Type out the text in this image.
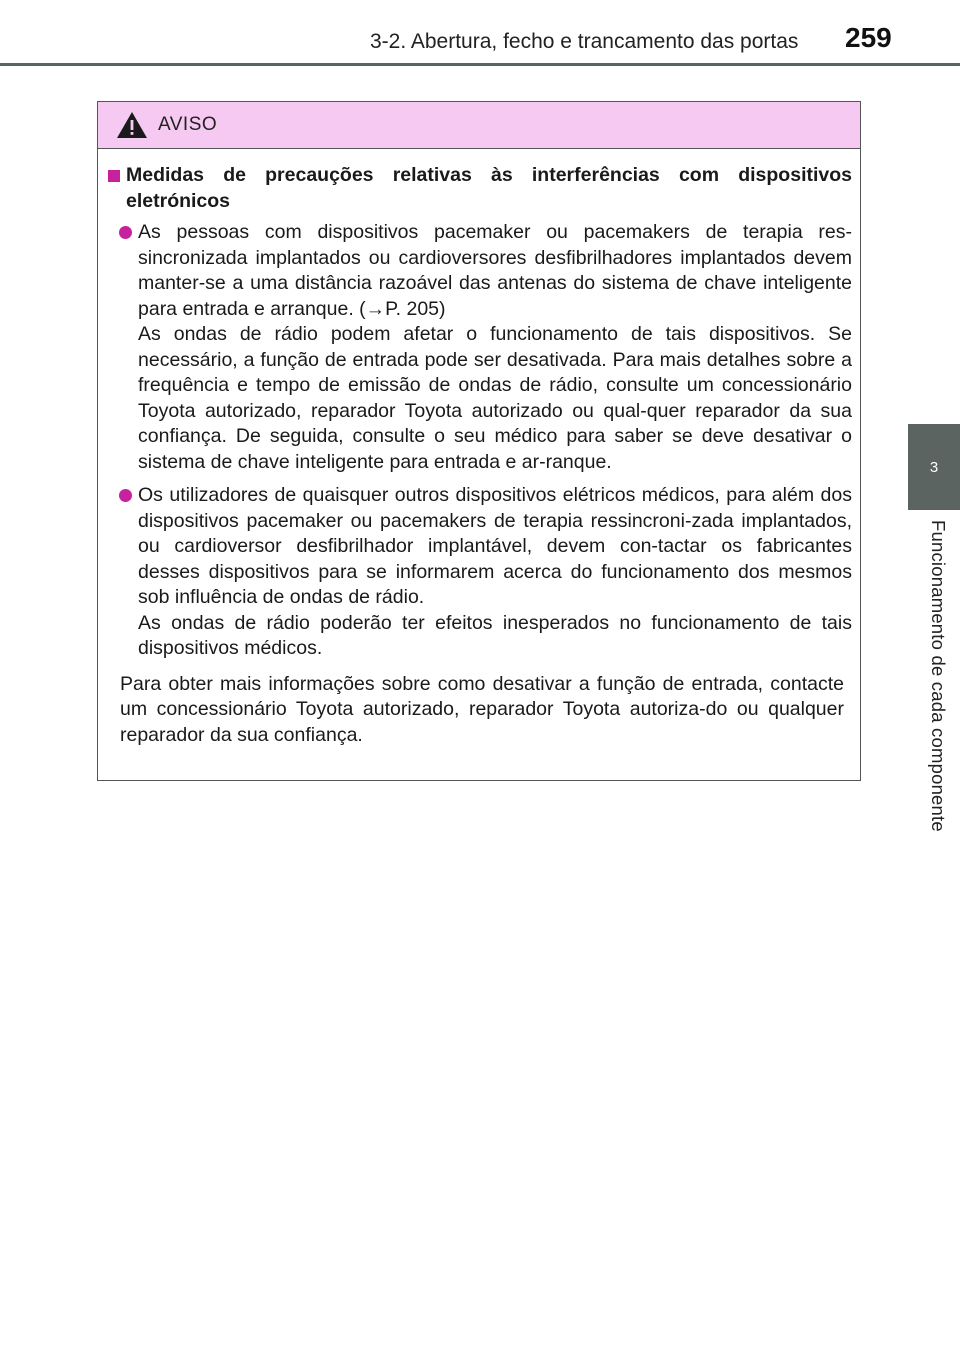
3-2. Abertura, fecho e trancamento das portas 259
3
Funcionamento de cada componente
AVISO
Medidas de precauções relativas às interferências com dispositivos eletrónicos

As pessoas com dispositivos pacemaker ou pacemakers de terapia res-sincronizada implantados ou cardioversores desfibrilhadores implantados devem manter-se a uma distância razoável das antenas do sistema de chave inteligente para entrada e arranque. (→P. 205)

As ondas de rádio podem afetar o funcionamento de tais dispositivos. Se necessário, a função de entrada pode ser desativada. Para mais detalhes sobre a frequência e tempo de emissão de ondas de rádio, consulte um concessionário Toyota autorizado, reparador Toyota autorizado ou qual-quer reparador da sua confiança. De seguida, consulte o seu médico para saber se deve desativar o sistema de chave inteligente para entrada e ar-ranque.

Os utilizadores de quaisquer outros dispositivos elétricos médicos, para além dos dispositivos pacemaker ou pacemakers de terapia ressincroni-zada implantados, ou cardioversor desfibrilhador implantável, devem con-tactar os fabricantes desses dispositivos para se informarem acerca do funcionamento dos mesmos sob influência de ondas de rádio.

As ondas de rádio poderão ter efeitos inesperados no funcionamento de tais dispositivos médicos.

Para obter mais informações sobre como desativar a função de entrada, contacte um concessionário Toyota autorizado, reparador Toyota autoriza-do ou qualquer reparador da sua confiança.
